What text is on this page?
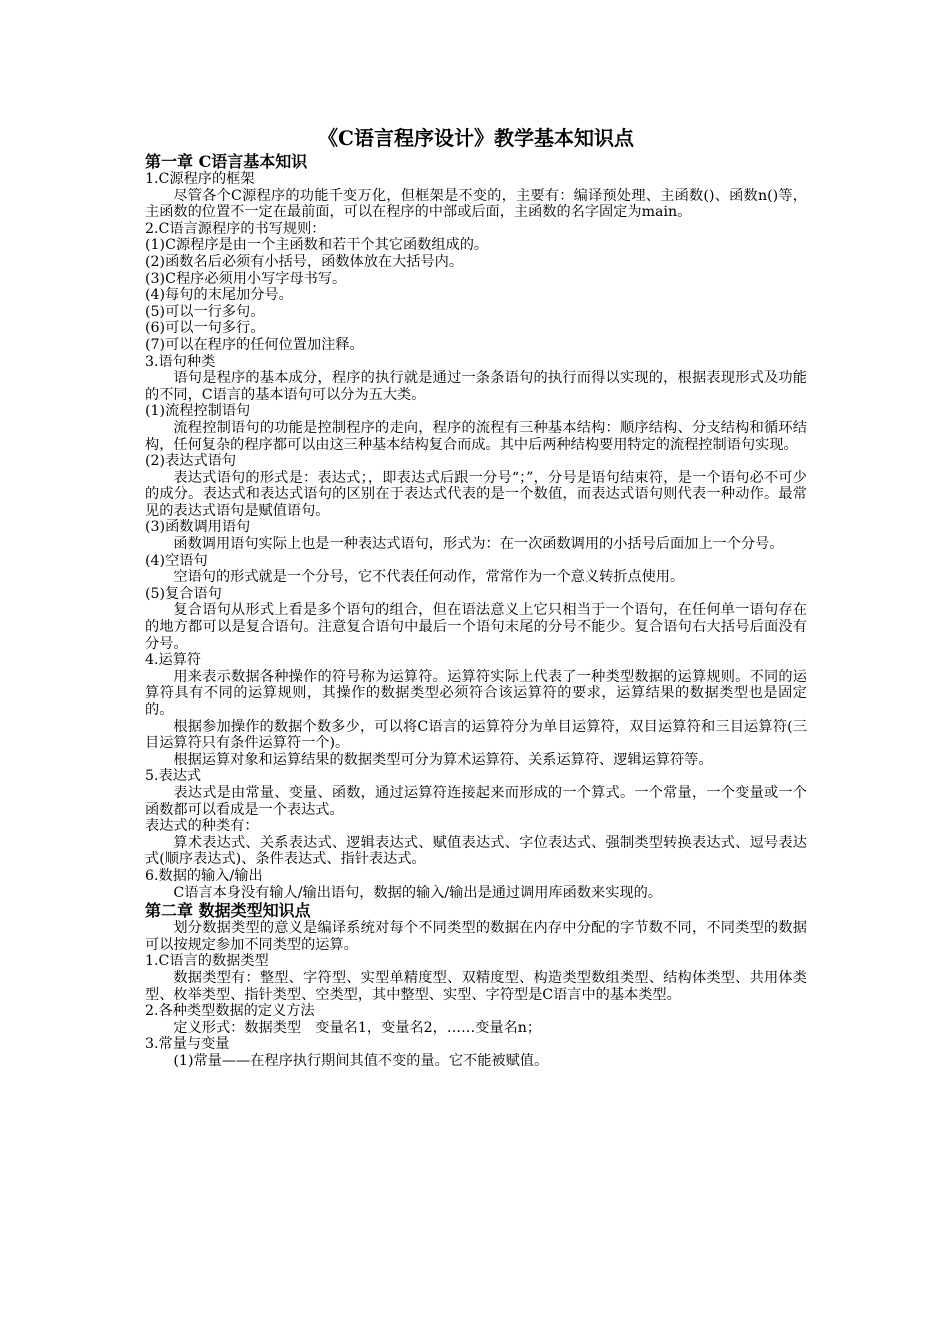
《C语言程序设计》教学基本知识点
第一章 C语言基本知识
1.C源程序的框架
尽管各个C源程序的功能千变万化，但框架是不变的，主要有：编译预处理、主函数()、函数n()等，主函数的位置不一定在最前面，可以在程序的中部或后面，主函数的名字固定为main。
2.C语言源程序的书写规则：
(1)C源程序是由一个主函数和若干个其它函数组成的。
(2)函数名后必须有小括号，函数体放在大括号内。
(3)C程序必须用小写字母书写。
(4)每句的末尾加分号。
(5)可以一行多句。
(6)可以一句多行。
(7)可以在程序的任何位置加注释。
3.语句种类
语句是程序的基本成分，程序的执行就是通过一条条语句的执行而得以实现的，根据表现形式及功能的不同，C语言的基本语句可以分为五大类。
(1)流程控制语句
流程控制语句的功能是控制程序的走向，程序的流程有三种基本结构：顺序结构、分支结构和循环结构，任何复杂的程序都可以由这三种基本结构复合而成。其中后两种结构要用特定的流程控制语句实现。
(2)表达式语句
表达式语句的形式是：表达式；，即表达式后跟一分号“；”，分号是语句结束符，是一个语句必不可少的成分。表达式和表达式语句的区别在于表达式代表的是一个数值，而表达式语句则代表一种动作。最常见的表达式语句是赋值语句。
(3)函数调用语句
函数调用语句实际上也是一种表达式语句，形式为：在一次函数调用的小括号后面加上一个分号。
(4)空语句
空语句的形式就是一个分号，它不代表任何动作，常常作为一个意义转折点使用。
(5)复合语句
复合语句从形式上看是多个语句的组合，但在语法意义上它只相当于一个语句，在任何单一语句存在的地方都可以是复合语句。注意复合语句中最后一个语句末尾的分号不能少。复合语句右大括号后面没有分号。
4.运算符
用来表示数据各种操作的符号称为运算符。运算符实际上代表了一种类型数据的运算规则。不同的运算符具有不同的运算规则，其操作的数据类型必须符合该运算符的要求，运算结果的数据类型也是固定的。
根据参加操作的数据个数多少，可以将C语言的运算符分为单目运算符，双目运算符和三目运算符(三目运算符只有条件运算符一个)。
根据运算对象和运算结果的数据类型可分为算术运算符、关系运算符、逻辑运算符等。
5.表达式
表达式是由常量、变量、函数，通过运算符连接起来而形成的一个算式。一个常量，一个变量或一个函数都可以看成是一个表达式。
表达式的种类有：
算术表达式、关系表达式、逻辑表达式、赋值表达式、字位表达式、强制类型转换表达式、逗号表达式(顺序表达式)、条件表达式、指针表达式。
6.数据的输入/输出
C语言本身没有输人/输出语句，数据的输入/输出是通过调用库函数来实现的。
第二章 数据类型知识点
划分数据类型的意义是编译系统对每个不同类型的数据在内存中分配的字节数不同，不同类型的数据可以按规定参加不同类型的运算。
1.C语言的数据类型
数据类型有：整型、字符型、实型单精度型、双精度型、构造类型数组类型、结构体类型、共用体类型、枚举类型、指针类型、空类型，其中整型、实型、字符型是C语言中的基本类型。
2.各种类型数据的定义方法
定义形式：数据类型　变量名1，变量名2，……变量名n；
3.常量与变量
(1)常量——在程序执行期间其值不变的量。它不能被赋值。
